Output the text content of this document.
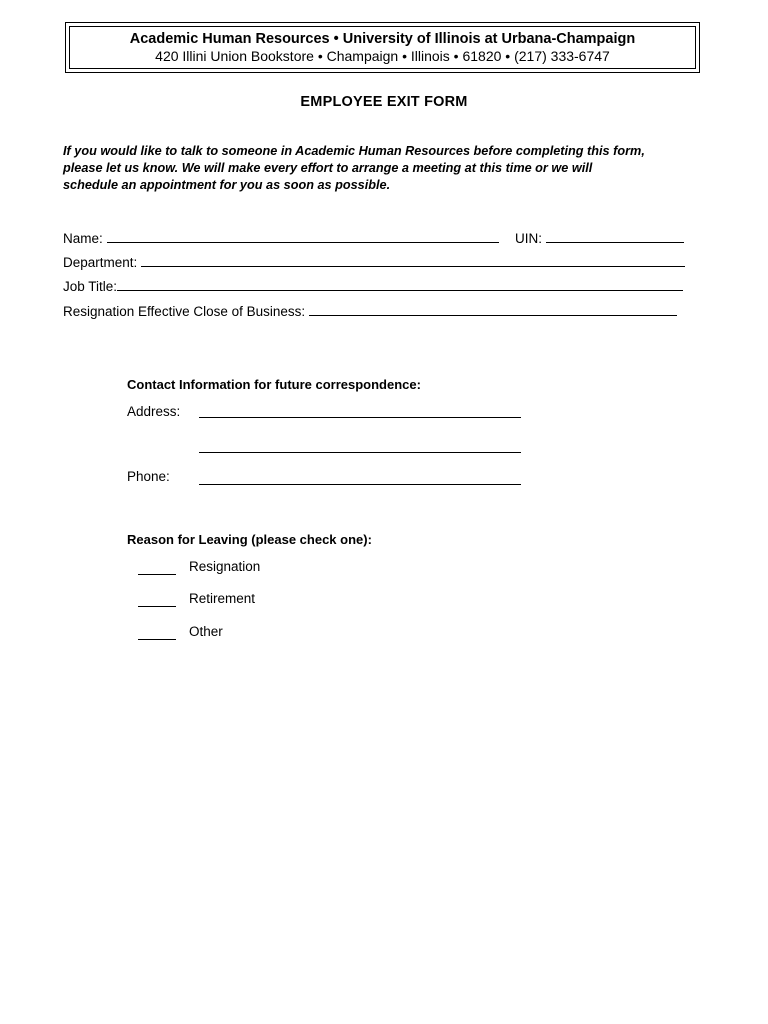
Academic Human Resources • University of Illinois at Urbana-Champaign
420 Illini Union Bookstore • Champaign • Illinois • 61820 • (217) 333-6747
EMPLOYEE EXIT FORM
If you would like to talk to someone in Academic Human Resources before completing this form,
please let us know. We will make every effort to arrange a meeting at this time or we will
schedule an appointment for you as soon as possible.
Name:	UIN:
Department:
Job Title:
Resignation Effective Close of Business:
Contact Information for future correspondence:
Address:
Phone:
Reason for Leaving (please check one):
Resignation
Retirement
Other
